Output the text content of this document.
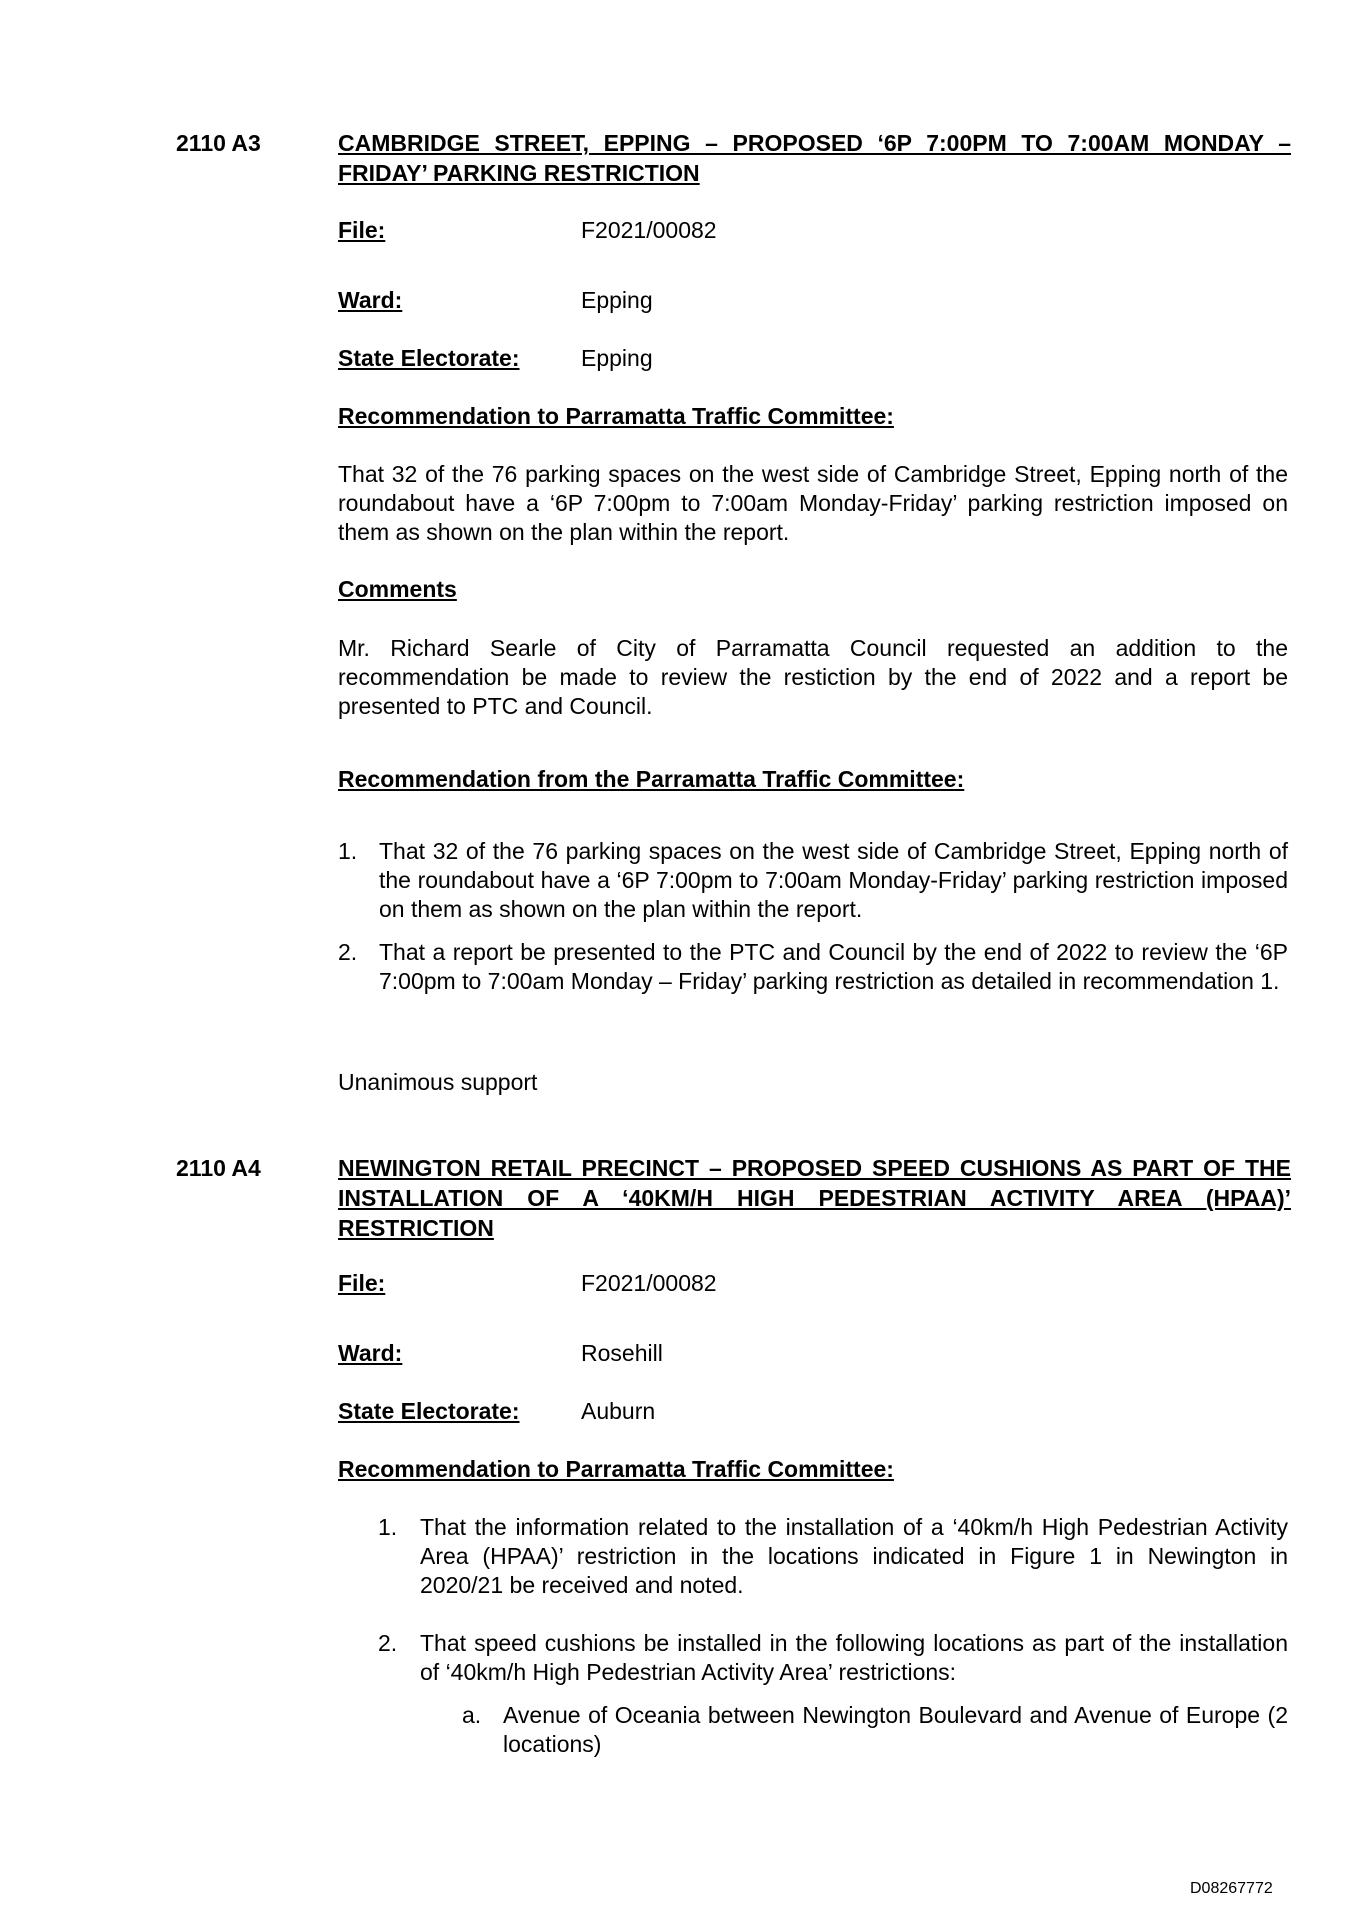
2110 A3	CAMBRIDGE STREET, EPPING – PROPOSED ‘6P 7:00PM TO 7:00AM MONDAY – FRIDAY’ PARKING RESTRICTION
File:	F2021/00082
Ward:	Epping
State Electorate:	Epping
Recommendation to Parramatta Traffic Committee:
That 32 of the 76 parking spaces on the west side of Cambridge Street, Epping north of the roundabout have a ‘6P 7:00pm to 7:00am Monday-Friday’ parking restriction imposed on them as shown on the plan within the report.
Comments
Mr. Richard Searle of City of Parramatta Council requested an addition to the recommendation be made to review the restiction by the end of 2022 and a report be presented to PTC and Council.
Recommendation from the Parramatta Traffic Committee:
1. That 32 of the 76 parking spaces on the west side of Cambridge Street, Epping north of the roundabout have a ‘6P 7:00pm to 7:00am Monday-Friday’ parking restriction imposed on them as shown on the plan within the report.
2. That a report be presented to the PTC and Council by the end of 2022 to review the ‘6P 7:00pm to 7:00am Monday – Friday’ parking restriction as detailed in recommendation 1.
Unanimous support
2110 A4	NEWINGTON RETAIL PRECINCT – PROPOSED SPEED CUSHIONS AS PART OF THE INSTALLATION OF A ‘40KM/H HIGH PEDESTRIAN ACTIVITY AREA (HPAA)’ RESTRICTION
File:	F2021/00082
Ward:	Rosehill
State Electorate:	Auburn
Recommendation to Parramatta Traffic Committee:
1. That the information related to the installation of a ‘40km/h High Pedestrian Activity Area (HPAA)’ restriction in the locations indicated in Figure 1 in Newington in 2020/21 be received and noted.
2. That speed cushions be installed in the following locations as part of the installation of ‘40km/h High Pedestrian Activity Area’ restrictions:
a. Avenue of Oceania between Newington Boulevard and Avenue of Europe (2 locations)
D08267772
